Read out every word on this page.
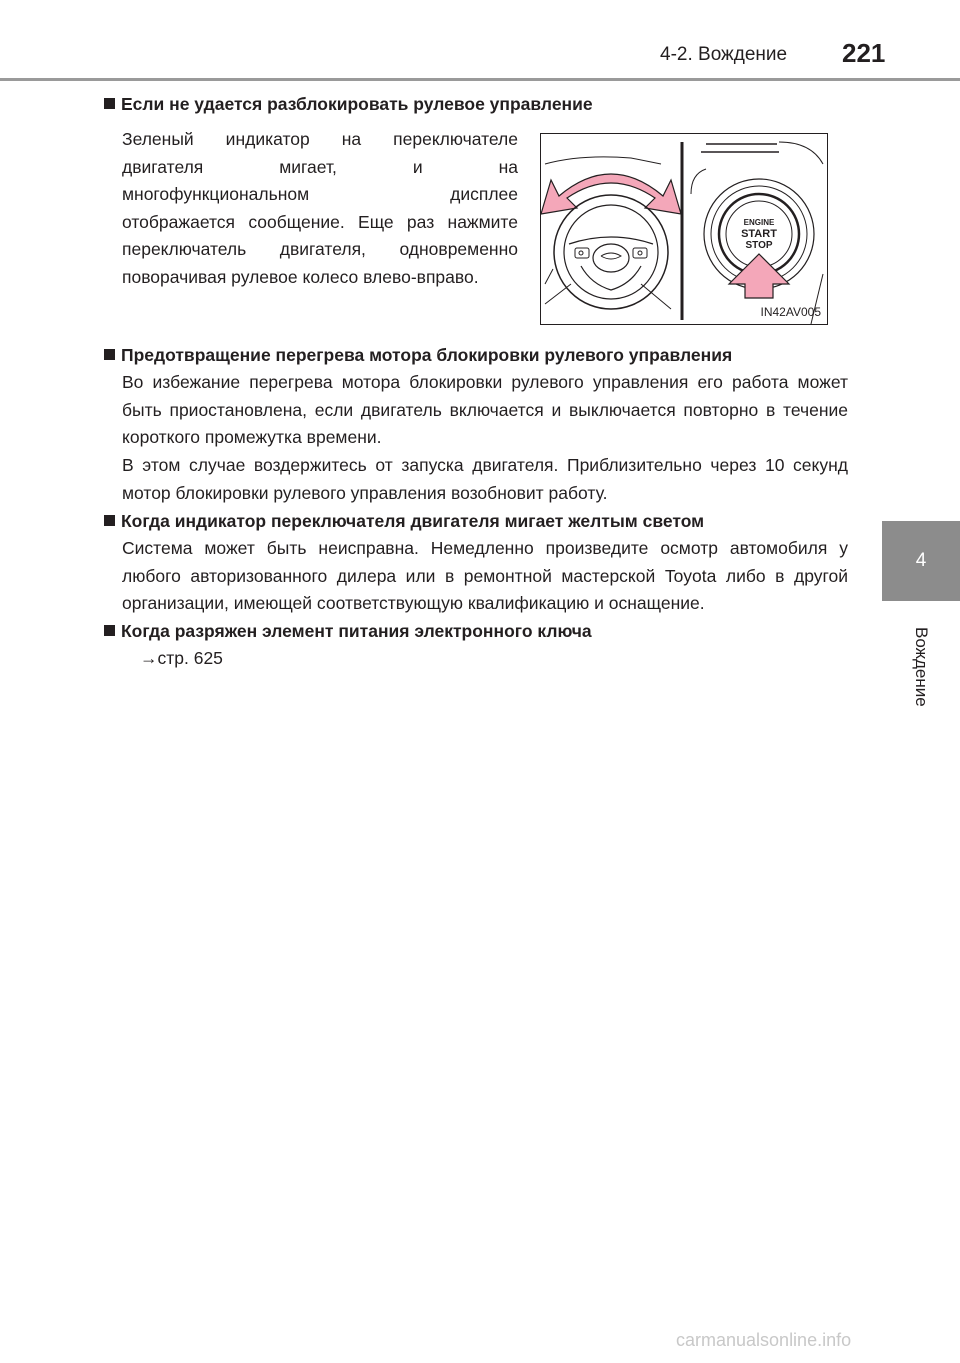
4-2. Вождение 221
4
Вождение
Если не удается разблокировать рулевое управление
Зеленый индикатор на переключателе
двигателя мигает, и на
многофункциональном дисплее
отображается сообщение. Еще раз нажмите
переключатель двигателя, одновременно
поворачивая рулевое колесо влево-вправо.
ENGINE
START
STOP
IN42AV005
Предотвращение перегрева мотора блокировки рулевого управления
Во избежание перегрева мотора блокировки рулевого управления его работа может быть приостановлена, если двигатель включается и выключается повторно в течение короткого промежутка времени.
В этом случае воздержитесь от запуска двигателя. Приблизительно через 10 секунд мотор блокировки рулевого управления возобновит работу.
Когда индикатор переключателя двигателя мигает желтым светом
Система может быть неисправна. Немедленно произведите осмотр автомобиля у любого авторизованного дилера или в ремонтной мастерской Toyota либо в другой организации, имеющей соответствующую квалификацию и оснащение.
Когда разряжен элемент питания электронного ключа
→стр. 625
carmanualsonline.info
